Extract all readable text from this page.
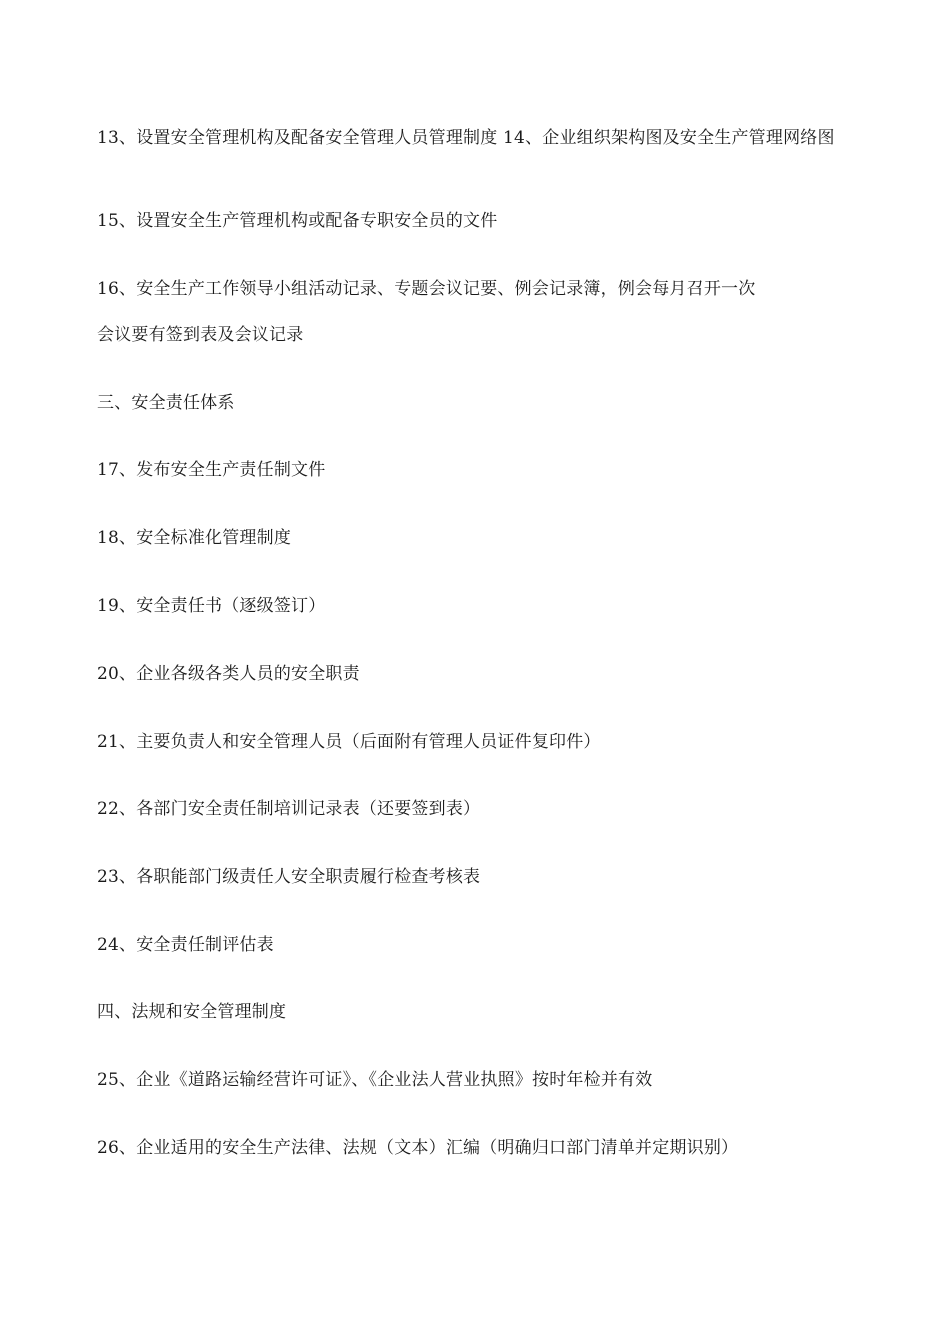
13、设置安全管理机构及配备安全管理人员管理制度 14、企业组织架构图及安全生产管理网络图
15、设置安全生产管理机构或配备专职安全员的文件
16、安全生产工作领导小组活动记录、专题会议记要、例会记录簿，例会每月召开一次
会议要有签到表及会议记录
三、安全责任体系
17、发布安全生产责任制文件
18、安全标准化管理制度
19、安全责任书（逐级签订）
20、企业各级各类人员的安全职责
21、主要负责人和安全管理人员（后面附有管理人员证件复印件）
22、各部门安全责任制培训记录表（还要签到表）
23、各职能部门级责任人安全职责履行检查考核表
24、安全责任制评估表
四、法规和安全管理制度
25、企业《道路运输经营许可证》、《企业法人营业执照》按时年检并有效
26、企业适用的安全生产法律、法规（文本）汇编（明确归口部门清单并定期识别）
